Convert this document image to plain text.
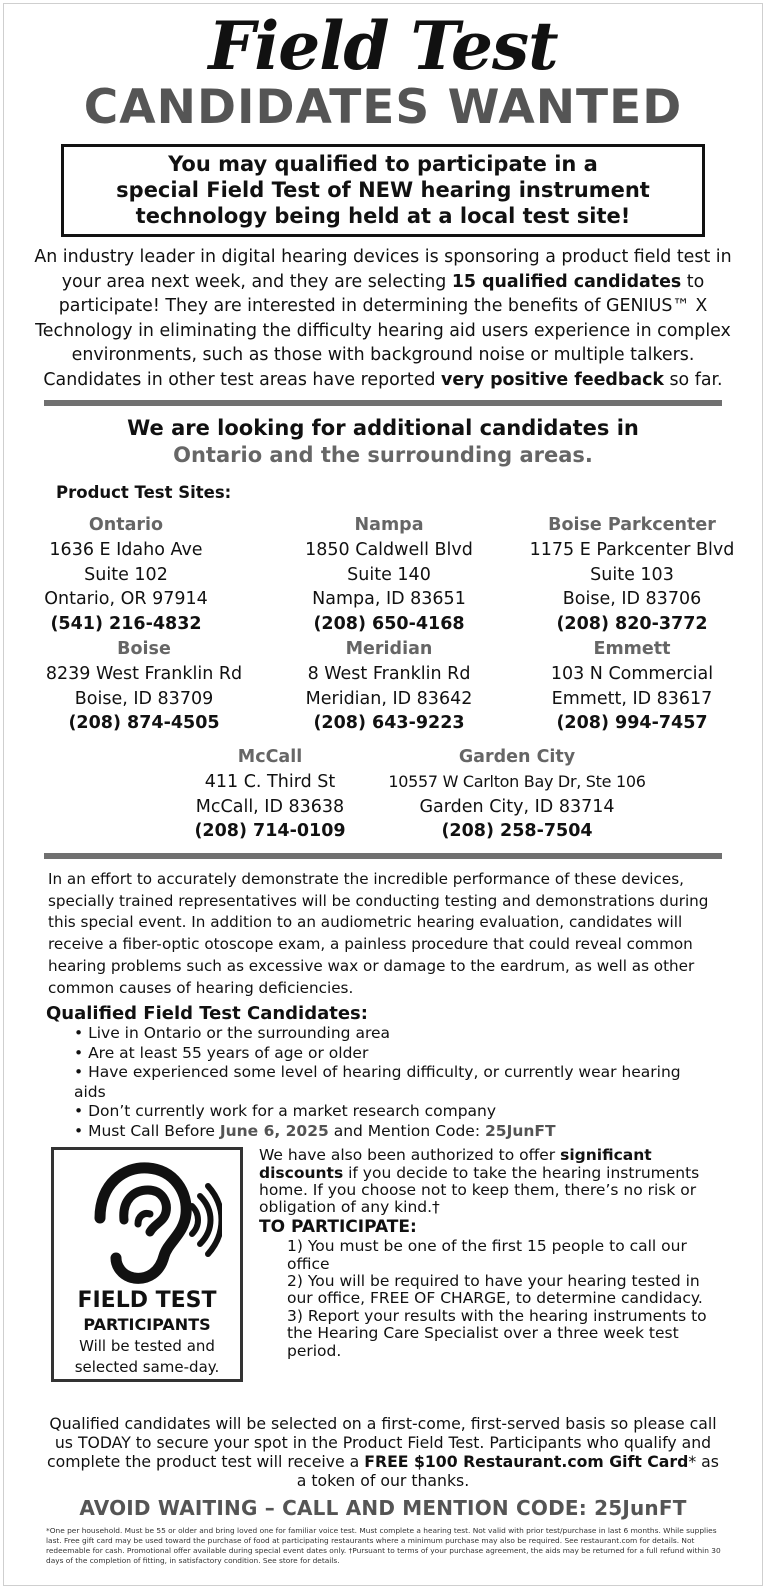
Field Test
CANDIDATES WANTED
You may qualified to participate in a
special Field Test of NEW hearing instrument
technology being held at a local test site!
An industry leader in digital hearing devices is sponsoring a product field test in your area next week, and they are selecting 15 qualified candidates to participate! They are interested in determining the benefits of GENIUS™ X Technology in eliminating the difficulty hearing aid users experience in complex environments, such as those with background noise or multiple talkers. Candidates in other test areas have reported very positive feedback so far.
We are looking for additional candidates in
Ontario and the surrounding areas.
Product Test Sites:
Ontario
1636 E Idaho Ave
Suite 102
Ontario, OR 97914
(541) 216-4832
Nampa
1850 Caldwell Blvd
Suite 140
Nampa, ID 83651
(208) 650-4168
Boise Parkcenter
1175 E Parkcenter Blvd
Suite 103
Boise, ID 83706
(208) 820-3772
Boise
8239 West Franklin Rd
Boise, ID 83709
(208) 874-4505
Meridian
8 West Franklin Rd
Meridian, ID 83642
(208) 643-9223
Emmett
103 N Commercial
Emmett, ID 83617
(208) 994-7457
McCall
411 C. Third St
McCall, ID 83638
(208) 714-0109
Garden City
10557 W Carlton Bay Dr, Ste 106
Garden City, ID 83714
(208) 258-7504
In an effort to accurately demonstrate the incredible performance of these devices, specially trained representatives will be conducting testing and demonstrations during this special event. In addition to an audiometric hearing evaluation, candidates will receive a fiber-optic otoscope exam, a painless procedure that could reveal common hearing problems such as excessive wax or damage to the eardrum, as well as other common causes of hearing deficiencies.
Qualified Field Test Candidates:
• Live in Ontario or the surrounding area
• Are at least 55 years of age or older
• Have experienced some level of hearing difficulty, or currently wear hearing aids
• Don’t currently work for a market research company
• Must Call Before June 6, 2025 and Mention Code: 25JunFT
FIELD TEST
PARTICIPANTS
Will be tested and
selected same-day.
We have also been authorized to offer significant discounts if you decide to take the hearing instruments home. If you choose not to keep them, there’s no risk or obligation of any kind.†
TO PARTICIPATE:
1) You must be one of the first 15 people to call our office
2) You will be required to have your hearing tested in our office, FREE OF CHARGE, to determine candidacy.
3) Report your results with the hearing instruments to the Hearing Care Specialist over a three week test period.
Qualified candidates will be selected on a first-come, first-served basis so please call us TODAY to secure your spot in the Product Field Test. Participants who qualify and complete the product test will receive a FREE $100 Restaurant.com Gift Card* as a token of our thanks.
AVOID WAITING – CALL AND MENTION CODE: 25JunFT
*One per household. Must be 55 or older and bring loved one for familiar voice test. Must complete a hearing test. Not valid with prior test/purchase in last 6 months. While supplies last. Free gift card may be used toward the purchase of food at participating restaurants where a minimum purchase may also be required. See restaurant.com for details. Not redeemable for cash. Promotional offer available during special event dates only. †Pursuant to terms of your purchase agreement, the aids may be returned for a full refund within 30 days of the completion of fitting, in satisfactory condition. See store for details.
